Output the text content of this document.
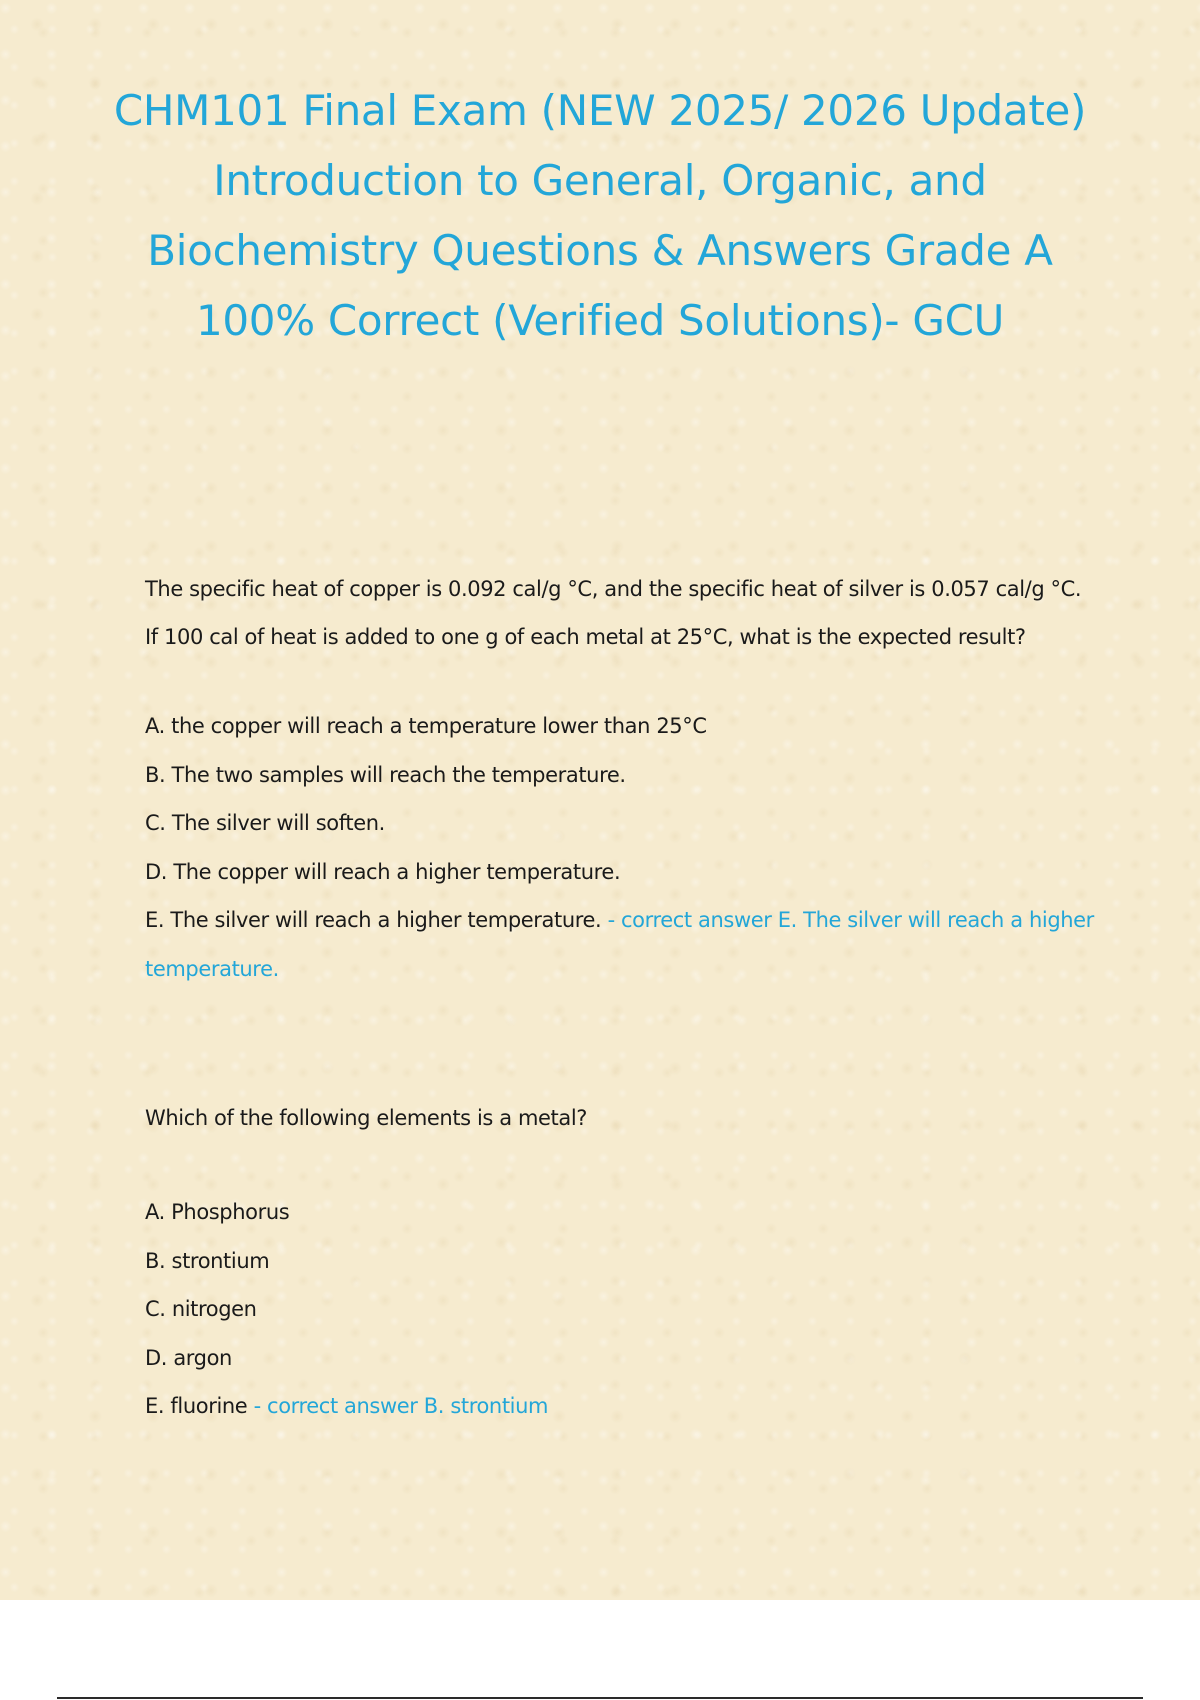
CHM101 Final Exam (NEW 2025/ 2026 Update) Introduction to General, Organic, and Biochemistry Questions & Answers Grade A 100% Correct (Verified Solutions)- GCU

The specific heat of copper is 0.092 cal/g °C, and the specific heat of silver is 0.057 cal/g °C. If 100 cal of heat is added to one g of each metal at 25°C, what is the expected result?

A. the copper will reach a temperature lower than 25°C
B. The two samples will reach the temperature.
C. The silver will soften.
D. The copper will reach a higher temperature.
E. The silver will reach a higher temperature. - correct answer E. The silver will reach a higher temperature.

Which of the following elements is a metal?

A. Phosphorus
B. strontium
C. nitrogen
D. argon
E. fluorine - correct answer B. strontium
